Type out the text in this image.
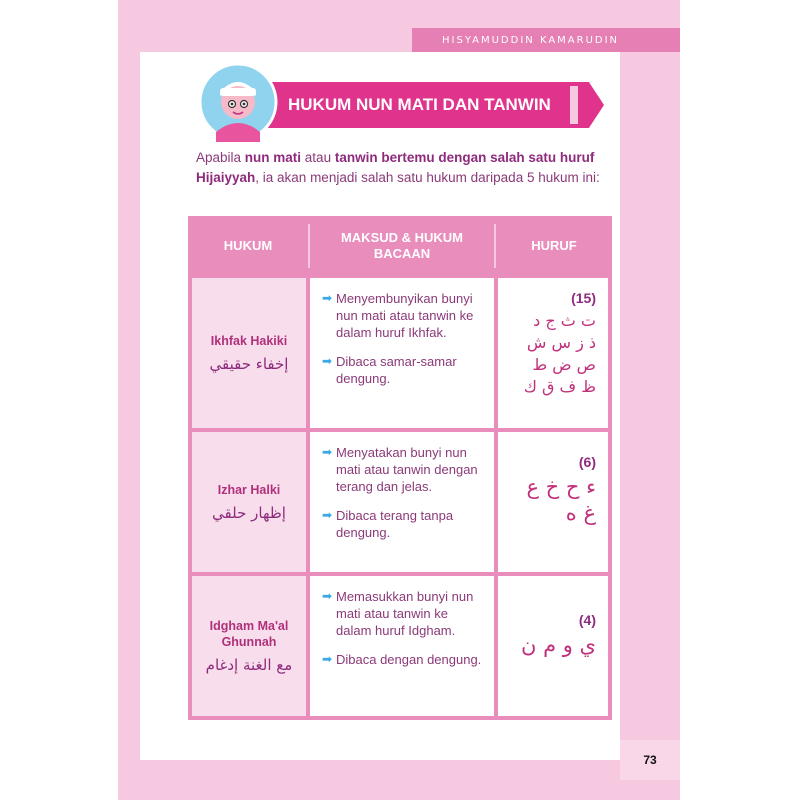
HISYAMUDDIN KAMARUDIN
73
HUKUM NUN MATI DAN TANWIN
Apabila nun mati atau tanwin bertemu dengan salah satu huruf Hijaiyyah, ia akan menjadi salah satu hukum daripada 5 hukum ini:
HUKUM
MAKSUD & HUKUM
BACAAN
HURUF
Ikhfak Hakiki
إخفاء حقيقي
➡ Menyembunyikan bunyi nun mati atau tanwin ke dalam huruf Ikhfak.
➡ Dibaca samar-samar dengung.
(15)
ت ث ج د
ذ ز س ش
ص ض ط
ظ ف ق ك
Izhar Halki
إظهار حلقي
➡ Menyatakan bunyi nun mati atau tanwin dengan terang dan jelas.
➡ Dibaca terang tanpa dengung.
(6)
ء ح خ ع
غ ه
Idgham Ma'al Ghunnah
مع الغنة إدغام
➡ Memasukkan bunyi nun mati atau tanwin ke dalam huruf Idgham.
➡ Dibaca dengan dengung.
(4)
ي و م ن
